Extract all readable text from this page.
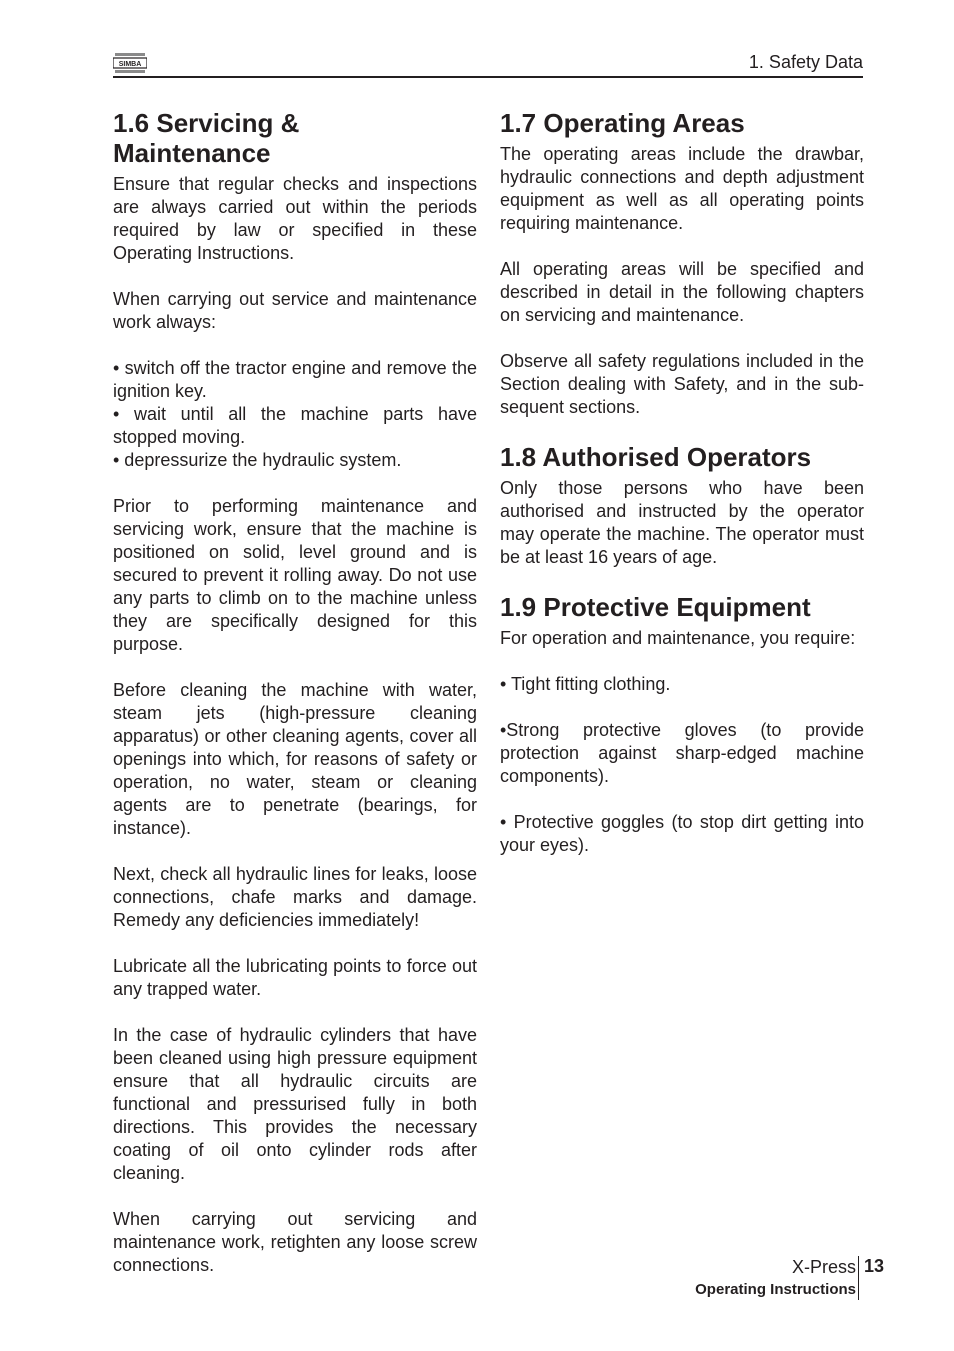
SIMBA	1. Safety Data
1.6 Servicing & Maintenance

Ensure that regular checks and inspections are always carried out within the periods required by law or specified in these Operating Instructions.

When carrying out service and maintenance work always:

• switch off the tractor engine and remove the ignition key.

• wait until all the machine parts have stopped moving.

• depressurize the hydraulic system.

Prior to performing maintenance and servicing work, ensure that the machine is positioned on solid, level ground and is secured to prevent it rolling away. Do not use any parts to climb on to the machine unless they are specifically designed for this purpose.

Before cleaning the machine with water, steam jets (high-pressure cleaning apparatus) or other cleaning agents, cover all openings into which, for reasons of safety or operation, no water, steam or cleaning agents are to penetrate (bearings, for instance).

Next, check all hydraulic lines for leaks, loose connections, chafe marks and damage. Remedy any deficiencies immediately!

Lubricate all the lubricating points to force out any trapped water.

In the case of hydraulic cylinders that have been cleaned using high pressure equipment ensure that all hydraulic circuits are functional and pressurised fully in both directions. This provides the necessary coating of oil onto cylinder rods after cleaning.

When carrying out servicing and maintenance work, retighten any loose screw connections.

1.7 Operating Areas

The operating areas include the drawbar, hydraulic connections and depth adjustment equipment as well as all operating points requiring maintenance.

All operating areas will be specified and described in detail in the following chapters on servicing and maintenance.

Observe all safety regulations included in the Section dealing with Safety, and in the sub-sequent sections.

1.8 Authorised Operators

Only those persons who have been authorised and instructed by the operator may operate the machine. The operator must be at least 16 years of age.

1.9 Protective Equipment

For operation and maintenance, you require:

• Tight fitting clothing.

•Strong protective gloves (to provide protection against sharp-edged machine components).

• Protective goggles (to stop dirt getting into your eyes).

X-Press
Operating Instructions
13
